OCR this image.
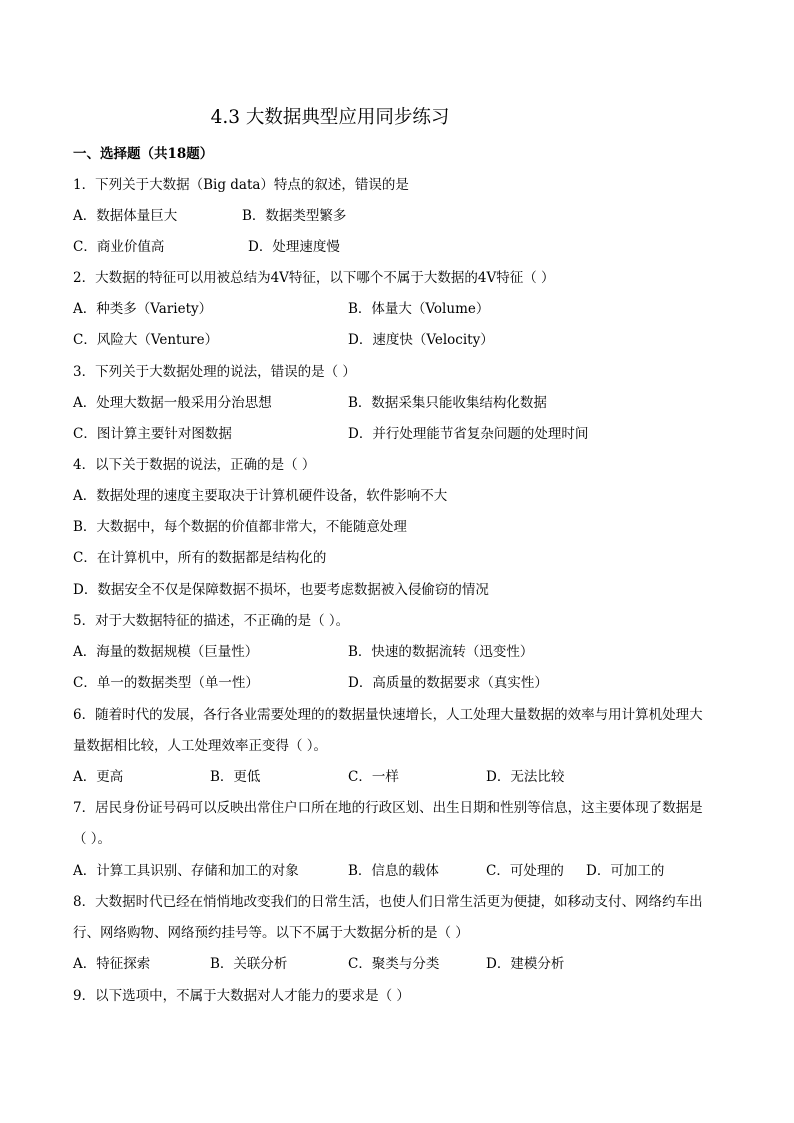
4.3 大数据典型应用同步练习
一、选择题（共18题）
1．下列关于大数据（Big data）特点的叙述，错误的是
A．数据体量巨大	B．数据类型繁多
C．商业价值高	D．处理速度慢
2．大数据的特征可以用被总结为4V特征，以下哪个不属于大数据的4V特征（ ）
A．种类多（Variety）	B．体量大（Volume）
C．风险大（Venture）	D．速度快（Velocity）
3．下列关于大数据处理的说法，错误的是（ ）
A．处理大数据一般采用分治思想	B．数据采集只能收集结构化数据
C．图计算主要针对图数据	D．并行处理能节省复杂问题的处理时间
4．以下关于数据的说法，正确的是（ ）
A．数据处理的速度主要取决于计算机硬件设备，软件影响不大
B．大数据中，每个数据的价值都非常大，不能随意处理
C．在计算机中，所有的数据都是结构化的
D．数据安全不仅是保障数据不损坏，也要考虑数据被入侵偷窃的情况
5．对于大数据特征的描述，不正确的是（ ）。
A．海量的数据规模（巨量性）	B．快速的数据流转（迅变性）
C．单一的数据类型（单一性）	D．高质量的数据要求（真实性）
6．随着时代的发展，各行各业需要处理的的数据量快速增长，人工处理大量数据的效率与用计算机处理大
量数据相比较，人工处理效率正变得（ ）。
A．更高	B．更低	C．一样	D．无法比较
7．居民身份证号码可以反映出常住户口所在地的行政区划、出生日期和性别等信息，这主要体现了数据是
（ ）。
A．计算工具识别、存储和加工的对象	B．信息的载体	C．可处理的 D．可加工的
8．大数据时代已经在悄悄地改变我们的日常生活，也使人们日常生活更为便捷，如移动支付、网络约车出
行、网络购物、网络预约挂号等。以下不属于大数据分析的是（ ）
A．特征探索	B．关联分析	C．聚类与分类	D．建模分析
9．以下选项中，不属于大数据对人才能力的要求是（ ）
